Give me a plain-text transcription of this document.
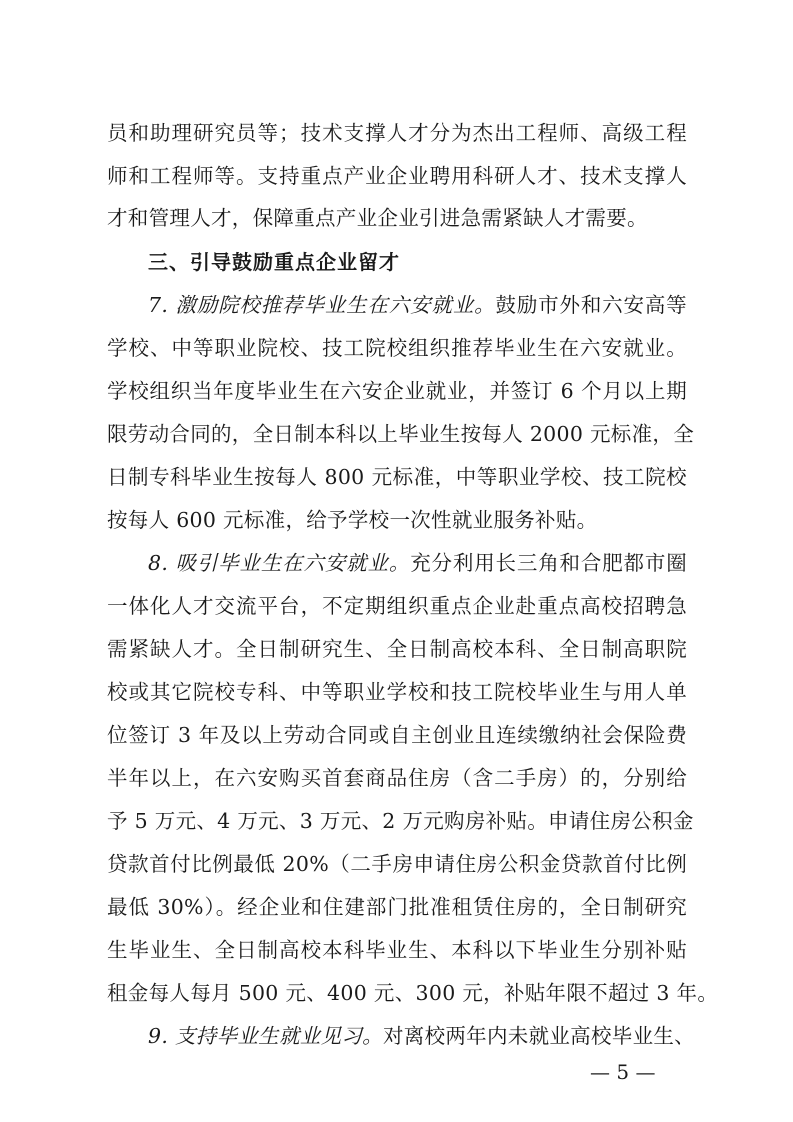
员和助理研究员等；技术支撑人才分为杰出工程师、高级工程
师和工程师等。支持重点产业企业聘用科研人才、技术支撑人
才和管理人才，保障重点产业企业引进急需紧缺人才需要。
三、引导鼓励重点企业留才
7. 激励院校推荐毕业生在六安就业。鼓励市外和六安高等
学校、中等职业院校、技工院校组织推荐毕业生在六安就业。
学校组织当年度毕业生在六安企业就业，并签订 6 个月以上期
限劳动合同的，全日制本科以上毕业生按每人 2000 元标准，全
日制专科毕业生按每人 800 元标准，中等职业学校、技工院校
按每人 600 元标准，给予学校一次性就业服务补贴。
8. 吸引毕业生在六安就业。充分利用长三角和合肥都市圈
一体化人才交流平台，不定期组织重点企业赴重点高校招聘急
需紧缺人才。全日制研究生、全日制高校本科、全日制高职院
校或其它院校专科、中等职业学校和技工院校毕业生与用人单
位签订 3 年及以上劳动合同或自主创业且连续缴纳社会保险费
半年以上，在六安购买首套商品住房（含二手房）的，分别给
予 5 万元、4 万元、3 万元、2 万元购房补贴。申请住房公积金
贷款首付比例最低 20%（二手房申请住房公积金贷款首付比例
最低 30%）。经企业和住建部门批准租赁住房的，全日制研究
生毕业生、全日制高校本科毕业生、本科以下毕业生分别补贴
租金每人每月 500 元、400 元、300 元，补贴年限不超过 3 年。
9. 支持毕业生就业见习。对离校两年内未就业高校毕业生、
— 5 —
